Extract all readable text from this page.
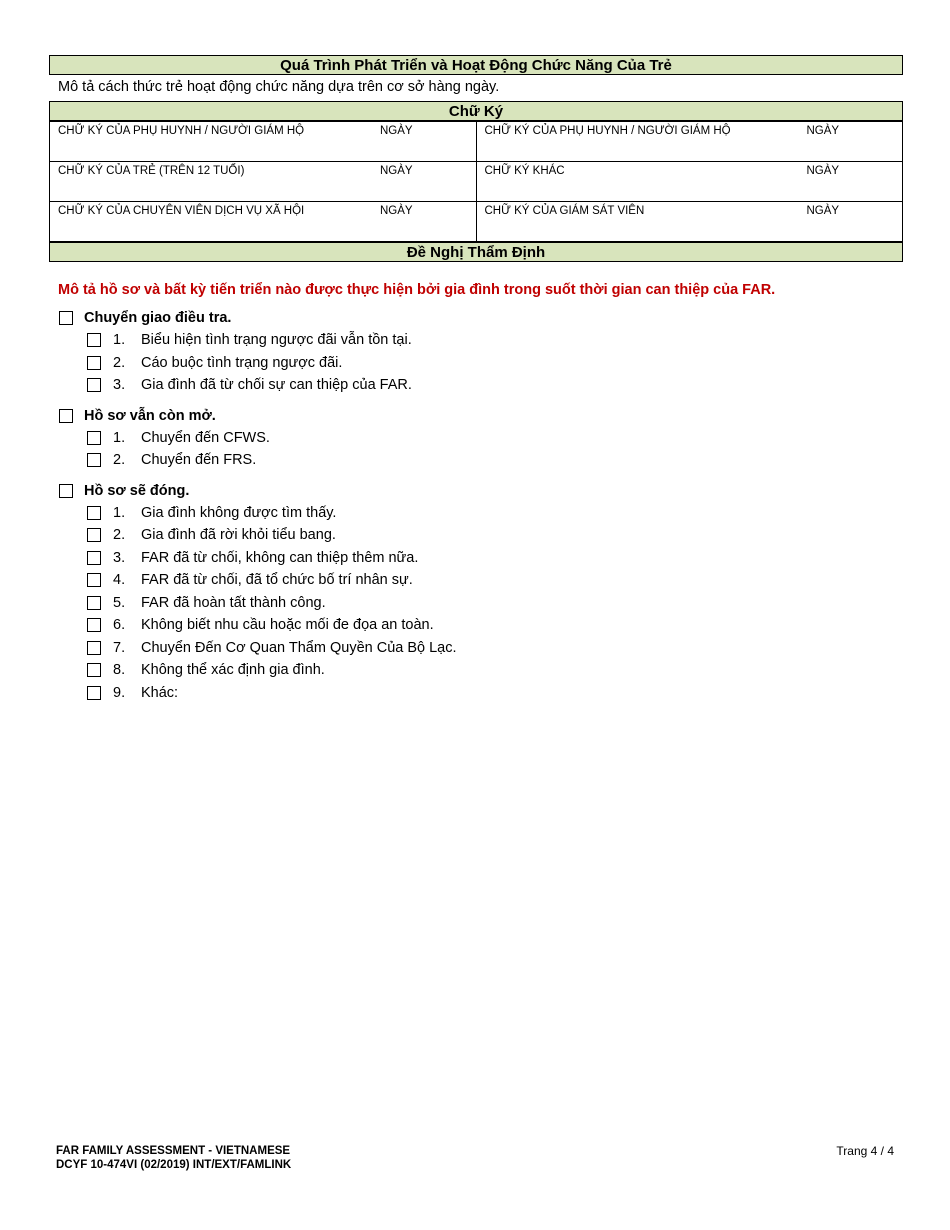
Quá Trình Phát Triển và Hoạt Động Chức Năng Của Trẻ
Mô tả cách thức trẻ hoạt động chức năng dựa trên cơ sở hàng ngày.
Chữ Ký
CHỮ KÝ CỦA PHỤ HUYNH / NGƯỜI GIÁM HỘ NGÀY	CHỮ KÝ CỦA PHỤ HUYNH / NGƯỜI GIÁM HỘ NGÀY

CHỮ KÝ CỦA TRẺ (TRÊN 12 TUỔI) NGÀY	CHỮ KÝ KHÁC NGÀY

CHỮ KÝ CỦA CHUYÊN VIÊN DỊCH VỤ XÃ HỘI NGÀY	CHỮ KÝ CỦA GIÁM SÁT VIÊN NGÀY
Đề Nghị Thẩm Định
Mô tả hồ sơ và bất kỳ tiến triển nào được thực hiện bởi gia đình trong suốt thời gian can thiệp của FAR.
Chuyển giao điều tra.
1.	Biểu hiện tình trạng ngược đãi vẫn tồn tại.
2.	Cáo buộc tình trạng ngược đãi.
3.	Gia đình đã từ chối sự can thiệp của FAR.
Hồ sơ vẫn còn mở.
1.	Chuyển đến CFWS.
2.	Chuyển đến FRS.
Hồ sơ sẽ đóng.
1.	Gia đình không được tìm thấy.
2.	Gia đình đã rời khỏi tiểu bang.
3.	FAR đã từ chối, không can thiệp thêm nữa.
4.	FAR đã từ chối, đã tổ chức bố trí nhân sự.
5.	FAR đã hoàn tất thành công.
6.	Không biết nhu cầu hoặc mối đe đọa an toàn.
7.	Chuyển Đến Cơ Quan Thẩm Quyền Của Bộ Lạc.
8.	Không thể xác định gia đình.
9.	Khác:
FAR FAMILY ASSESSMENT - VIETNAMESE
DCYF 10-474VI (02/2019) INT/EXT/FAMLINK
Trang 4 / 4
